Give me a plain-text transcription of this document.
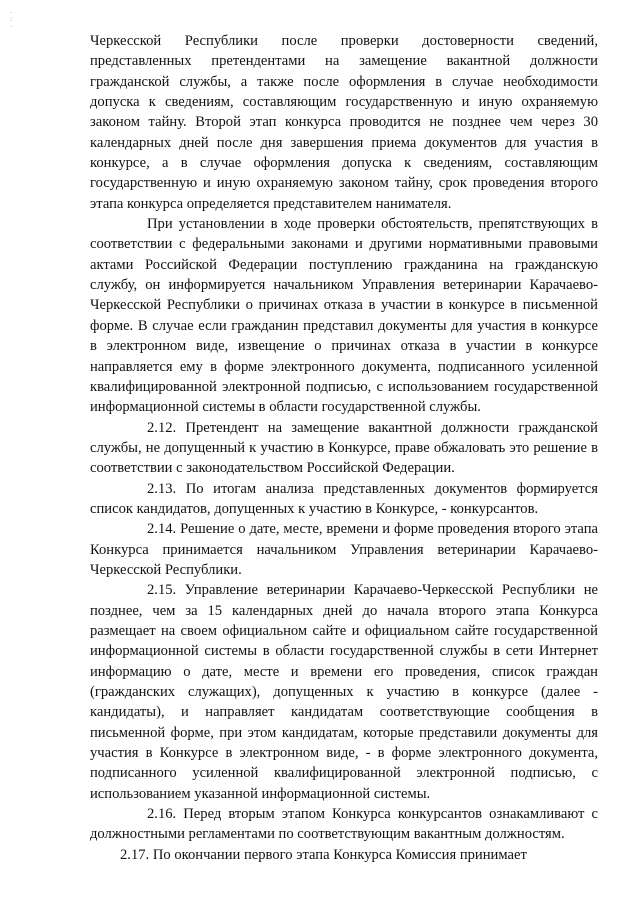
·
:
.

Черкесской Республики после проверки достоверности сведений, представленных претендентами на замещение вакантной должности гражданской службы, а также после оформления в случае необходимости допуска к сведениям, составляющим государственную и иную охраняемую законом тайну. Второй этап конкурса проводится не позднее чем через 30 календарных дней после дня завершения приема документов для участия в конкурсе, а в случае оформления допуска к сведениям, составляющим государственную и иную охраняемую законом тайну, срок проведения второго этапа конкурса определяется представителем нанимателя.

При установлении в ходе проверки обстоятельств, препятствующих в соответствии с федеральными законами и другими нормативными правовыми актами Российской Федерации поступлению гражданина на гражданскую службу, он информируется начальником Управления ветеринарии Карачаево-Черкесской Республики о причинах отказа в участии в конкурсе в письменной форме. В случае если гражданин представил документы для участия в конкурсе в электронном виде, извещение о причинах отказа в участии в конкурсе направляется ему в форме электронного документа, подписанного усиленной квалифицированной электронной подписью, с использованием государственной информационной системы в области государственной службы.

2.12. Претендент на замещение вакантной должности гражданской службы, не допущенный к участию в Конкурсе, праве обжаловать это решение в соответствии с законодательством Российской Федерации.

2.13. По итогам анализа представленных документов формируется список кандидатов, допущенных к участию в Конкурсе, - конкурсантов.

2.14. Решение о дате, месте, времени и форме проведения второго этапа Конкурса принимается начальником Управления ветеринарии Карачаево-Черкесской Республики.

2.15. Управление ветеринарии Карачаево-Черкесской Республики не позднее, чем за 15 календарных дней до начала второго этапа Конкурса размещает на своем официальном сайте и официальном сайте государственной информационной системы в области государственной службы в сети Интернет информацию о дате, месте и времени его проведения, список граждан (гражданских служащих), допущенных к участию в конкурсе (далее - кандидаты), и направляет кандидатам соответствующие сообщения в письменной форме, при этом кандидатам, которые представили документы для участия в Конкурсе в электронном виде, - в форме электронного документа, подписанного усиленной квалифицированной электронной подписью, с использованием указанной информационной системы.

2.16. Перед вторым этапом Конкурса конкурсантов ознакамливают с должностными регламентами по соответствующим вакантным должностям.

2.17. По окончании первого этапа Конкурса Комиссия принимает
